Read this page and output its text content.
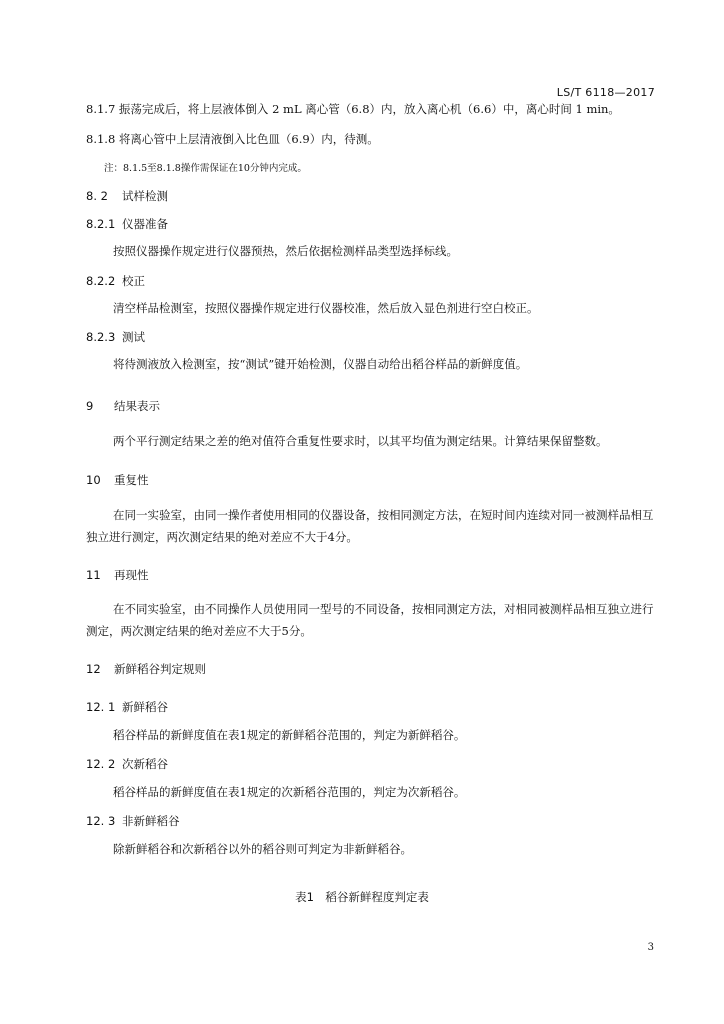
LS/T 6118—2017
8.1.7 振荡完成后，将上层液体倒入 2 mL 离心管（6.8）内，放入离心机（6.6）中，离心时间 1 min。
8.1.8 将离心管中上层清液倒入比色皿（6.9）内，待测。
注：8.1.5至8.1.8操作需保证在10分钟内完成。
8. 2 试样检测
8.2.1 仪器准备
按照仪器操作规定进行仪器预热，然后依据检测样品类型选择标线。
8.2.2 校正
清空样品检测室，按照仪器操作规定进行仪器校准，然后放入显色剂进行空白校正。
8.2.3 测试
将待测液放入检测室，按“测试”键开始检测，仪器自动给出稻谷样品的新鲜度值。
9 结果表示
两个平行测定结果之差的绝对值符合重复性要求时，以其平均值为测定结果。计算结果保留整数。
10 重复性
在同一实验室，由同一操作者使用相同的仪器设备，按相同测定方法，在短时间内连续对同一被测样品相互独立进行测定，两次测定结果的绝对差应不大于4分。
11 再现性
在不同实验室，由不同操作人员使用同一型号的不同设备，按相同测定方法，对相同被测样品相互独立进行测定，两次测定结果的绝对差应不大于5分。
12 新鲜稻谷判定规则
12. 1 新鲜稻谷
稻谷样品的新鲜度值在表1规定的新鲜稻谷范围的，判定为新鲜稻谷。
12. 2 次新稻谷
稻谷样品的新鲜度值在表1规定的次新稻谷范围的，判定为次新稻谷。
12. 3 非新鲜稻谷
除新鲜稻谷和次新稻谷以外的稻谷则可判定为非新鲜稻谷。
表1　稻谷新鲜程度判定表
3
